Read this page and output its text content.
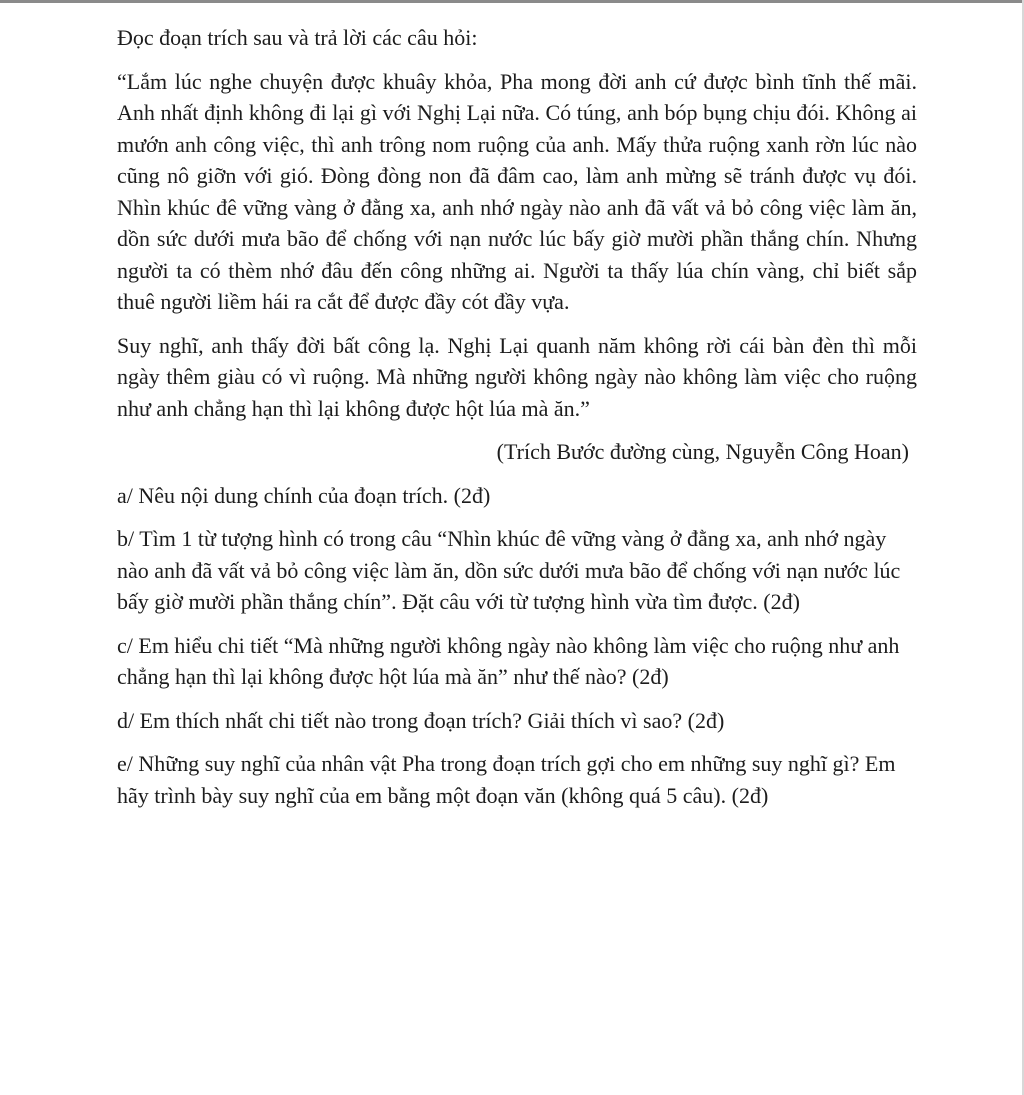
Đọc đoạn trích sau và trả lời các câu hỏi:

“Lắm lúc nghe chuyện được khuây khỏa, Pha mong đời anh cứ được bình tĩnh thế mãi. Anh nhất định không đi lại gì với Nghị Lại nữa. Có túng, anh bóp bụng chịu đói. Không ai mướn anh công việc, thì anh trông nom ruộng của anh. Mấy thửa ruộng xanh rờn lúc nào cũng nô giỡn với gió. Đòng đòng non đã đâm cao, làm anh mừng sẽ tránh được vụ đói. Nhìn khúc đê vững vàng ở đằng xa, anh nhớ ngày nào anh đã vất vả bỏ công việc làm ăn, dồn sức dưới mưa bão để chống với nạn nước lúc bấy giờ mười phần thắng chín. Nhưng người ta có thèm nhớ đâu đến công những ai. Người ta thấy lúa chín vàng, chỉ biết sắp thuê người liềm hái ra cắt để được đầy cót đầy vựa.

Suy nghĩ, anh thấy đời bất công lạ. Nghị Lại quanh năm không rời cái bàn đèn thì mỗi ngày thêm giàu có vì ruộng. Mà những người không ngày nào không làm việc cho ruộng như anh chẳng hạn thì lại không được hột lúa mà ăn.”

(Trích Bước đường cùng, Nguyễn Công Hoan)

a/ Nêu nội dung chính của đoạn trích. (2đ)

b/ Tìm 1 từ tượng hình có trong câu “Nhìn khúc đê vững vàng ở đằng xa, anh nhớ ngày nào anh đã vất vả bỏ công việc làm ăn, dồn sức dưới mưa bão để chống với nạn nước lúc bấy giờ mười phần thắng chín”. Đặt câu với từ tượng hình vừa tìm được. (2đ)

c/ Em hiểu chi tiết “Mà những người không ngày nào không làm việc cho ruộng như anh chẳng hạn thì lại không được hột lúa mà ăn” như thế nào? (2đ)

d/ Em thích nhất chi tiết nào trong đoạn trích? Giải thích vì sao? (2đ)

e/ Những suy nghĩ của nhân vật Pha trong đoạn trích gợi cho em những suy nghĩ gì? Em hãy trình bày suy nghĩ của em bằng một đoạn văn (không quá 5 câu). (2đ)
